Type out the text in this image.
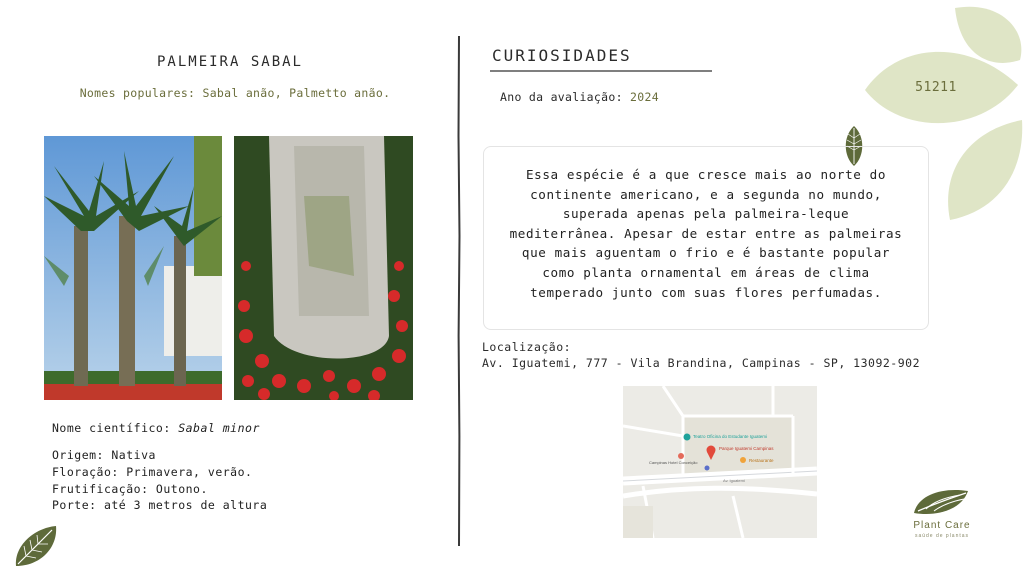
51211
PALMEIRA SABAL
Nomes populares: Sabal anão, Palmetto anão.
Nome científico: Sabal minor
Origem: Nativa
Floração: Primavera, verão.
Frutificação: Outono.
Porte: até 3 metros de altura
CURIOSIDADES
Ano da avaliação: 2024

Essa espécie é a que cresce mais ao norte do continente americano, e a segunda no mundo, superada apenas pela palmeira-leque mediterrânea. Apesar de estar entre as palmeiras que mais aguentam o frio e é bastante popular como planta ornamental em áreas de clima temperado junto com suas flores perfumadas.

Localização:
Av. Iguatemi, 777 - Vila Brandina, Campinas - SP, 13092-902
Teatro Oficina do Estudante Iguatemi
Parque Iguatemi Campinas
Campinas Hotel Conceição	Restaurante
Av. Iguatemi
Plant Care
saúde de plantas
